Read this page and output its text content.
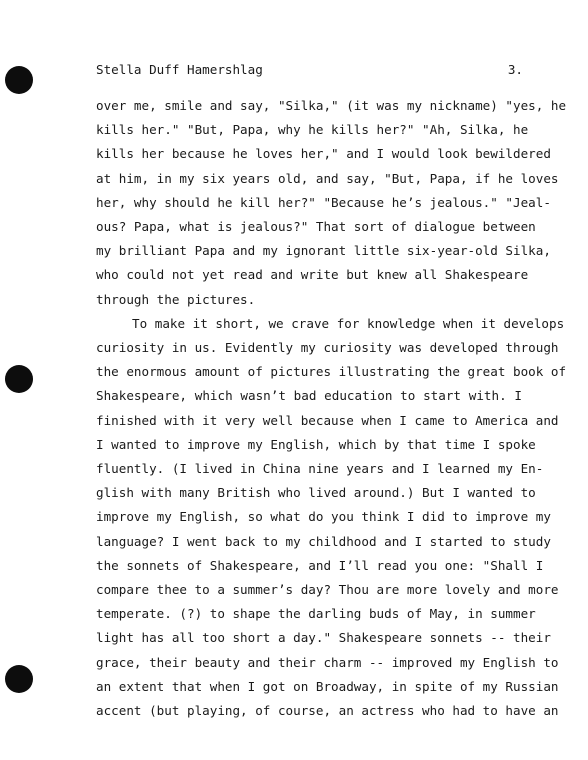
Stella Duff Hamershlag	3.
over me, smile and say, "Silka," (it was my nickname) "yes, he
kills her." "But, Papa, why he kills her?" "Ah, Silka, he
kills her because he loves her," and I would look bewildered
at him, in my six years old, and say, "But, Papa, if he loves
her, why should he kill her?" "Because he’s jealous." "Jeal-
ous? Papa, what is jealous?" That sort of dialogue between
my brilliant Papa and my ignorant little six-year-old Silka,
who could not yet read and write but knew all Shakespeare
through the pictures.
To make it short, we crave for knowledge when it develops
curiosity in us. Evidently my curiosity was developed through
the enormous amount of pictures illustrating the great book of
Shakespeare, which wasn’t bad education to start with. I
finished with it very well because when I came to America and
I wanted to improve my English, which by that time I spoke
fluently. (I lived in China nine years and I learned my En-
glish with many British who lived around.) But I wanted to
improve my English, so what do you think I did to improve my
language? I went back to my childhood and I started to study
the sonnets of Shakespeare, and I’ll read you one: "Shall I
compare thee to a summer’s day? Thou are more lovely and more
temperate. (?) to shape the darling buds of May, in summer
light has all too short a day." Shakespeare sonnets -- their
grace, their beauty and their charm -- improved my English to
an extent that when I got on Broadway, in spite of my Russian
accent (but playing, of course, an actress who had to have an
